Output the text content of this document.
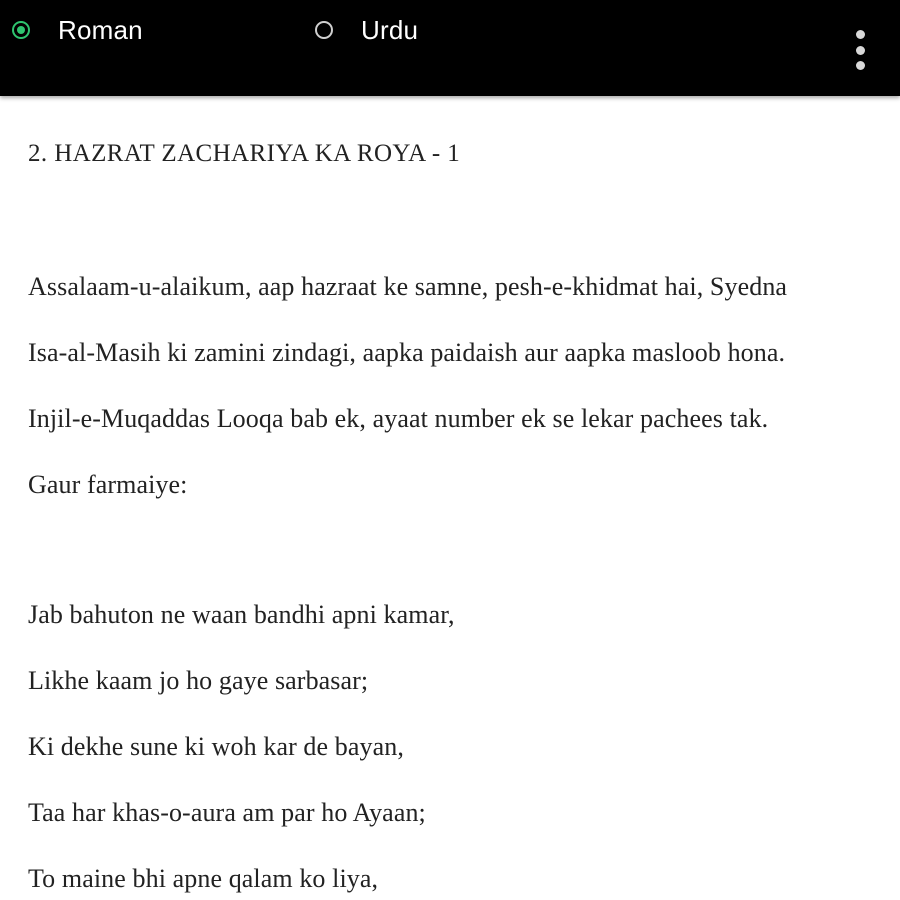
Roman	Urdu
2. HAZRAT ZACHARIYA KA ROYA - 1
Assalaam-u-alaikum, aap hazraat ke samne, pesh-e-khidmat hai, Syedna
Isa-al-Masih ki zamini zindagi, aapka paidaish aur aapka masloob hona.
Injil-e-Muqaddas Looqa bab ek, ayaat number ek se lekar pachees tak.
Gaur farmaiye:
Jab bahuton ne waan bandhi apni kamar,
Likhe kaam jo ho gaye sarbasar;
Ki dekhe sune ki woh kar de bayan,
Taa har khas-o-aura am par ho Ayaan;
To maine bhi apne qalam ko liya,
